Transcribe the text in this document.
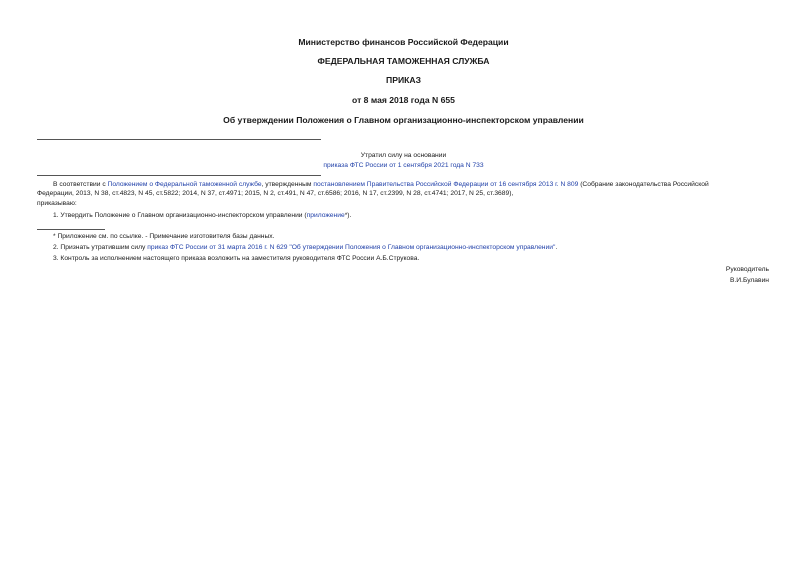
Министерство финансов Российской Федерации
ФЕДЕРАЛЬНАЯ ТАМОЖЕННАЯ СЛУЖБА
ПРИКАЗ
от 8 мая 2018 года N 655
Об утверждении Положения о Главном организационно-инспекторском управлении
Утратил силу на основании
приказа ФТС России от 1 сентября 2021 года N 733
В соответствии с Положением о Федеральной таможенной службе, утвержденным постановлением Правительства Российской Федерации от 16 сентября 2013 г. N 809 (Собрание законодательства Российской
Федерации, 2013, N 38, ст.4823, N 45, ст.5822; 2014, N 37, ст.4971; 2015, N 2, ст.491, N 47, ст.6586; 2016, N 17, ст.2399, N 28, ст.4741; 2017, N 25, ст.3689),
приказываю:
1. Утвердить Положение о Главном организационно-инспекторском управлении (приложение*).
* Приложение см. по ссылке. - Примечание изготовителя базы данных.
2. Признать утратившим силу приказ ФТС России от 31 марта 2016 г. N 629 "Об утверждении Положения о Главном организационно-инспекторском управлении".
3. Контроль за исполнением настоящего приказа возложить на заместителя руководителя ФТС России А.Б.Струкова.
Руководитель
В.И.Булавин
